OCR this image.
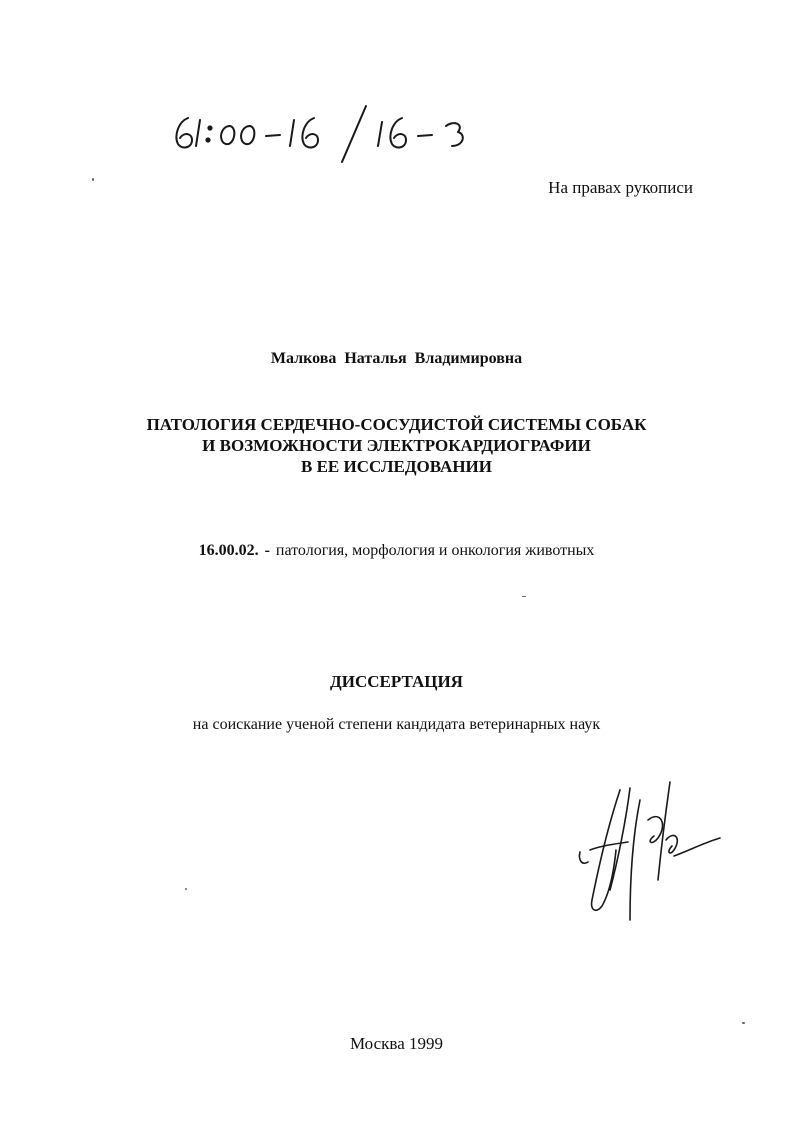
На правах рукописи
Малкова Наталья Владимировна
ПАТОЛОГИЯ СЕРДЕЧНО-СОСУДИСТОЙ СИСТЕМЫ СОБАК
И ВОЗМОЖНОСТИ ЭЛЕКТРОКАРДИОГРАФИИ
В ЕЕ ИССЛЕДОВАНИИ
16.00.02. - патология, морфология и онкология животных
ДИССЕРТАЦИЯ
на соискание ученой степени кандидата ветеринарных наук
Москва 1999
